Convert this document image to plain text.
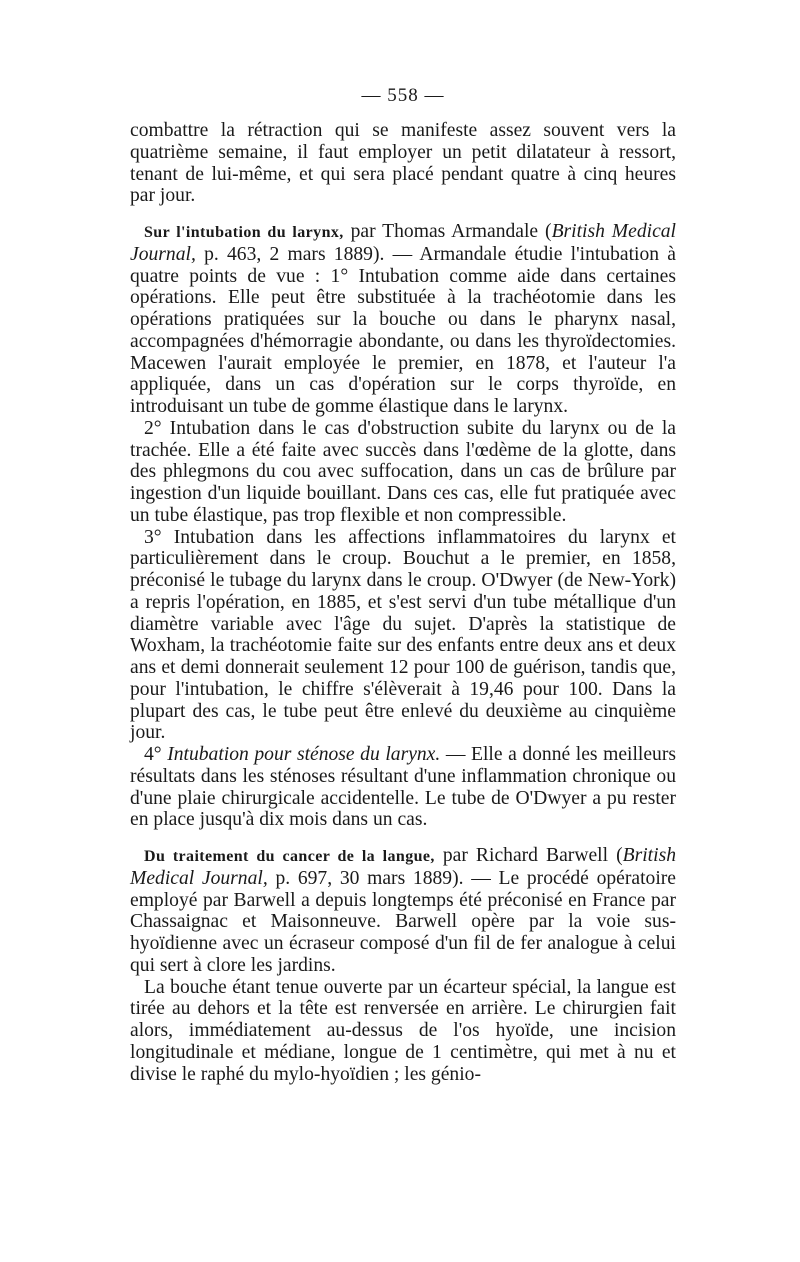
— 558 —

combattre la rétraction qui se manifeste assez souvent vers la quatrième semaine, il faut employer un petit dilatateur à ressort, tenant de lui-même, et qui sera placé pendant quatre à cinq heures par jour.

Sur l'intubation du larynx, par Thomas Armandale (British Medical Journal, p. 463, 2 mars 1889). — Armandale étudie l'intubation à quatre points de vue : 1° Intubation comme aide dans certaines opérations. Elle peut être substituée à la trachéotomie dans les opérations pratiquées sur la bouche ou dans le pharynx nasal, accompagnées d'hémorragie abondante, ou dans les thyroïdectomies. Macewen l'aurait employée le premier, en 1878, et l'auteur l'a appliquée, dans un cas d'opération sur le corps thyroïde, en introduisant un tube de gomme élastique dans le larynx.

2° Intubation dans le cas d'obstruction subite du larynx ou de la trachée. Elle a été faite avec succès dans l'œdème de la glotte, dans des phlegmons du cou avec suffocation, dans un cas de brûlure par ingestion d'un liquide bouillant. Dans ces cas, elle fut pratiquée avec un tube élastique, pas trop flexible et non compressible.

3° Intubation dans les affections inflammatoires du larynx et particulièrement dans le croup. Bouchut a le premier, en 1858, préconisé le tubage du larynx dans le croup. O'Dwyer (de New-York) a repris l'opération, en 1885, et s'est servi d'un tube métallique d'un diamètre variable avec l'âge du sujet. D'après la statistique de Woxham, la trachéotomie faite sur des enfants entre deux ans et deux ans et demi donnerait seulement 12 pour 100 de guérison, tandis que, pour l'intubation, le chiffre s'élèverait à 19,46 pour 100. Dans la plupart des cas, le tube peut être enlevé du deuxième au cinquième jour.

4° Intubation pour sténose du larynx. — Elle a donné les meilleurs résultats dans les sténoses résultant d'une inflammation chronique ou d'une plaie chirurgicale accidentelle. Le tube de O'Dwyer a pu rester en place jusqu'à dix mois dans un cas.

Du traitement du cancer de la langue, par Richard Barwell (British Medical Journal, p. 697, 30 mars 1889). — Le procédé opératoire employé par Barwell a depuis longtemps été préconisé en France par Chassaignac et Maisonneuve. Barwell opère par la voie sus-hyoïdienne avec un écraseur composé d'un fil de fer analogue à celui qui sert à clore les jardins.

La bouche étant tenue ouverte par un écarteur spécial, la langue est tirée au dehors et la tête est renversée en arrière. Le chirurgien fait alors, immédiatement au-dessus de l'os hyoïde, une incision longitudinale et médiane, longue de 1 centimètre, qui met à nu et divise le raphé du mylo-hyoïdien ; les génio-
